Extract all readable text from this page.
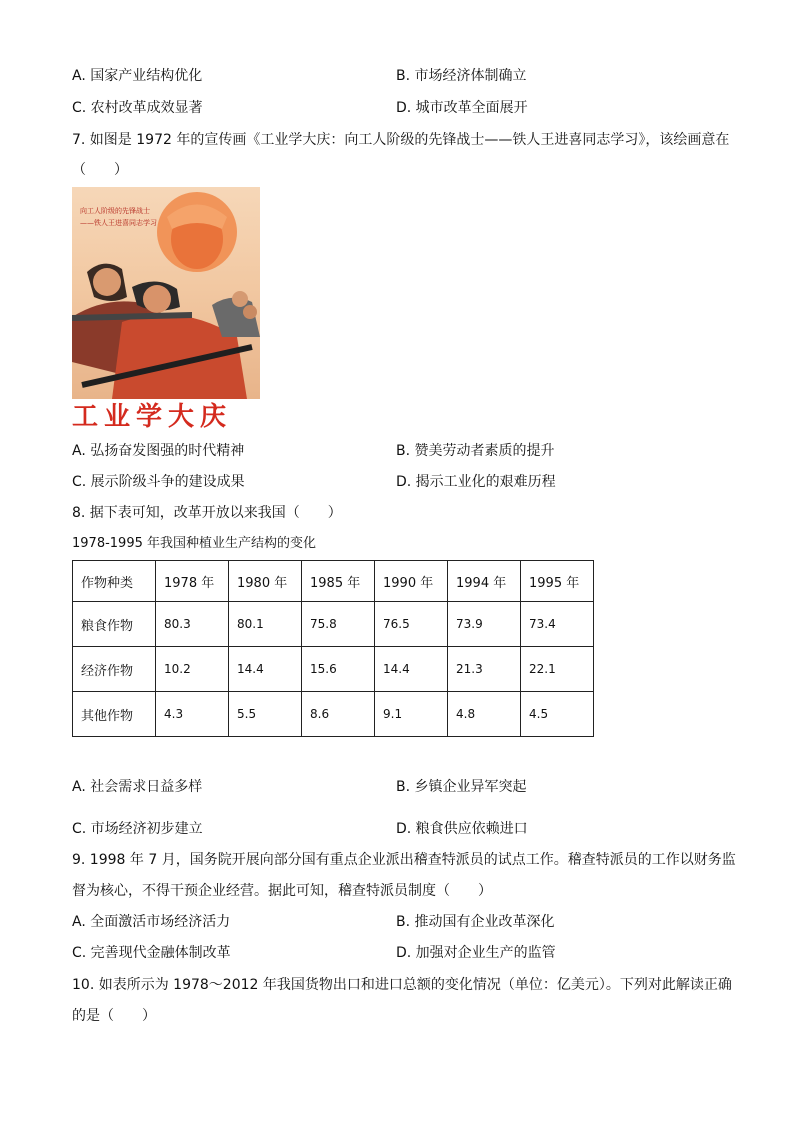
A. 国家产业结构优化	B. 市场经济体制确立
C. 农村改革成效显著	D. 城市改革全面展开
7. 如图是 1972 年的宣传画《工业学大庆：向工人阶级的先锋战士——铁人王进喜同志学习》，该绘画意在
（　　）
向工人阶级的先锋战士
——铁人王进喜同志学习
工业学大庆
A. 弘扬奋发图强的时代精神	B. 赞美劳动者素质的提升
C. 展示阶级斗争的建设成果	D. 揭示工业化的艰难历程
8. 据下表可知，改革开放以来我国（　　）
1978-1995 年我国种植业生产结构的变化
作物种类	1978 年	1980 年	1985 年	1990 年	1994 年	1995 年
粮食作物	80.3	80.1	75.8	76.5	73.9	73.4
经济作物	10.2	14.4	15.6	14.4	21.3	22.1
其他作物	4.3	5.5	8.6	9.1	4.8	4.5
A. 社会需求日益多样	B. 乡镇企业异军突起
C. 市场经济初步建立	D. 粮食供应依赖进口
9. 1998 年 7 月，国务院开展向部分国有重点企业派出稽查特派员的试点工作。稽查特派员的工作以财务监
督为核心，不得干预企业经营。据此可知，稽查特派员制度（　　）
A. 全面激活市场经济活力	B. 推动国有企业改革深化
C. 完善现代金融体制改革	D. 加强对企业生产的监管
10. 如表所示为 1978～2012 年我国货物出口和进口总额的变化情况（单位：亿美元）。下列对此解读正确
的是（　　）
